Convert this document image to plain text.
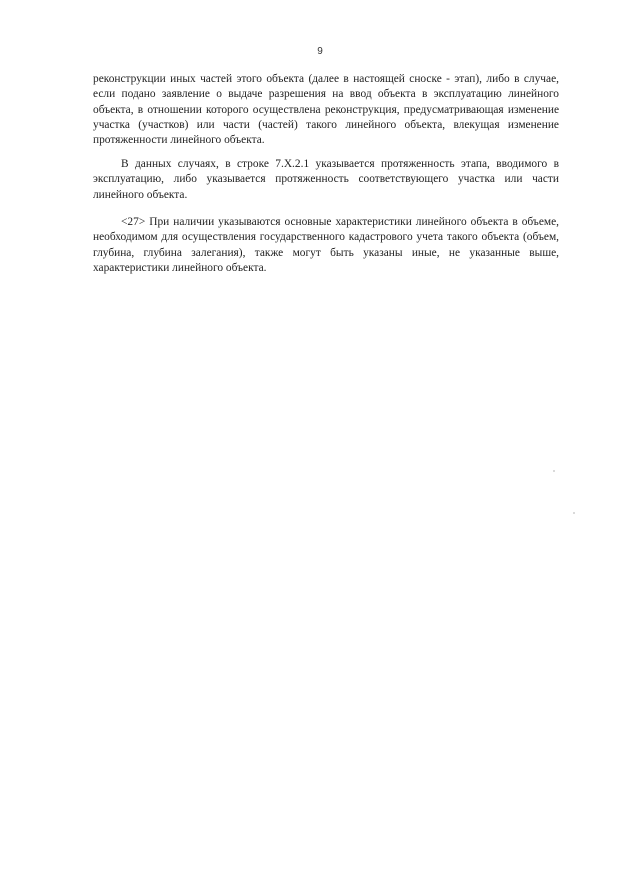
9

реконструкции иных частей этого объекта (далее в настоящей сноске - этап), либо в случае, если подано заявление о выдаче разрешения на ввод объекта в эксплуатацию линейного объекта, в отношении которого осуществлена реконструкция, предусматривающая изменение участка (участков) или части (частей) такого линейного объекта, влекущая изменение протяженности линейного объекта.

В данных случаях, в строке 7.X.2.1 указывается протяженность этапа, вводимого в эксплуатацию, либо указывается протяженность соответствующего участка или части линейного объекта.

<27> При наличии указываются основные характеристики линейного объекта в объеме, необходимом для осуществления государственного кадастрового учета такого объекта (объем, глубина, глубина залегания), также могут быть указаны иные, не указанные выше, характеристики линейного объекта.
